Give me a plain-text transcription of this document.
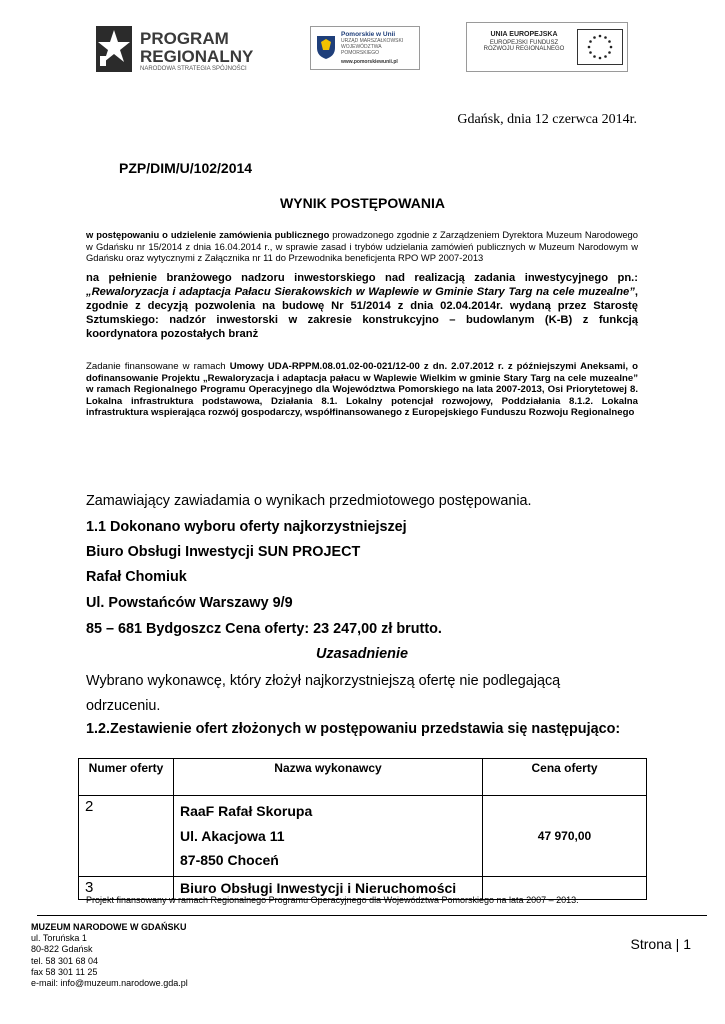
PROGRAM
REGIONALNY
NARODOWA STRATEGIA SPÓJNOŚCI
Pomorskie w Unii
URZĄD MARSZAŁKOWSKI
WOJEWÓDZTWA POMORSKIEGO
www.pomorskiewunii.pl
UNIA EUROPEJSKA
EUROPEJSKI FUNDUSZ
ROZWOJU REGIONALNEGO
Gdańsk, dnia 12 czerwca 2014r.
PZP/DIM/U/102/2014
WYNIK POSTĘPOWANIA
w postępowaniu o udzielenie zamówienia publicznego prowadzonego zgodnie z Zarządzeniem Dyrektora Muzeum Narodowego w Gdańsku nr 15/2014 z dnia 16.04.2014 r., w sprawie zasad i trybów udzielania zamówień publicznych w Muzeum Narodowym w Gdańsku oraz wytycznymi z Załącznika nr 11 do Przewodnika beneficjenta RPO WP 2007-2013
na pełnienie branżowego nadzoru inwestorskiego nad realizacją zadania inwestycyjnego pn.: „Rewaloryzacja i adaptacja Pałacu Sierakowskich w Waplewie w Gminie Stary Targ na cele muzealne”, zgodnie z decyzją pozwolenia na budowę Nr 51/2014 z dnia 02.04.2014r. wydaną przez Starostę Sztumskiego: nadzór inwestorski w zakresie konstrukcyjno – budowlanym (K-B) z funkcją koordynatora pozostałych branż
Zadanie finansowane w ramach Umowy UDA-RPPM.08.01.02-00-021/12-00 z dn. 2.07.2012 r. z późniejszymi Aneksami, o dofinansowanie Projektu „Rewaloryzacja i adaptacja pałacu w Waplewie Wielkim w gminie Stary Targ na cele muzealne” w ramach Regionalnego Programu Operacyjnego dla Województwa Pomorskiego na lata 2007-2013, Osi Priorytetowej 8. Lokalna infrastruktura podstawowa, Działania 8.1. Lokalny potencjał rozwojowy, Poddziałania 8.1.2. Lokalna infrastruktura wspierająca rozwój gospodarczy, współfinansowanego z Europejskiego Funduszu Rozwoju Regionalnego
Zamawiający zawiadamia o wynikach przedmiotowego postępowania.
1.1 Dokonano wyboru oferty najkorzystniejszej
Biuro Obsługi Inwestycji SUN PROJECT
Rafał Chomiuk
Ul. Powstańców Warszawy 9/9
85 – 681 Bydgoszcz Cena oferty: 23 247,00 zł brutto.
Uzasadnienie
Wybrano wykonawcę, który złożył najkorzystniejszą ofertę nie podlegającą odrzuceniu.
1.2.Zestawienie ofert złożonych w postępowaniu przedstawia się następująco:
Numer oferty	Nazwa wykonawcy	Cena oferty
2	RaaF Rafał Skorupa
Ul. Akacjowa 11
87-850 Choceń	47 970,00
3	Biuro Obsługi Inwestycji i Nieruchomości	

Projekt finansowany w ramach Regionalnego Programu Operacyjnego dla Województwa Pomorskiego na lata 2007 – 2013.
MUZEUM NARODOWE W GDAŃSKU
ul. Toruńska 1
80-822 Gdańsk
tel. 58 301 68 04
fax 58 301 11 25
e-mail: info@muzeum.narodowe.gda.pl
Strona | 1
